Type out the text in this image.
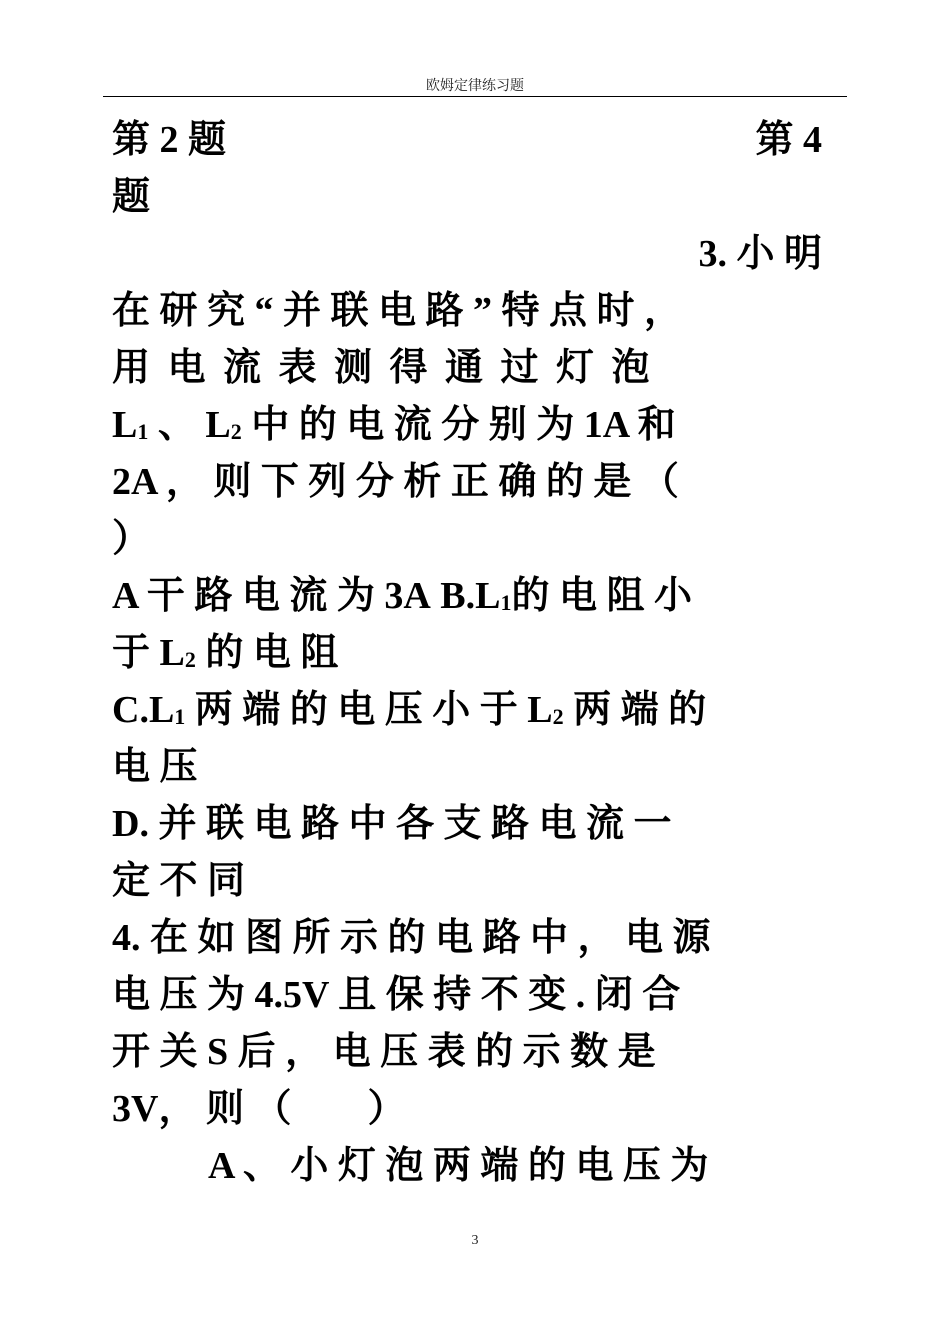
欧姆定律练习题
第 2 题	第 4
题
3. 小 明
在 研 究 “ 并 联 电 路 ” 特 点 时 ，
用 电 流 表 测 得 通 过 灯 泡
$L_1$ 、 $L_2$ 中 的 电 流 分 别 为 1A 和
2A ， 则 下 列 分 析 正 确 的 是 （
）
A 干 路 电 流 为 3A $B.L_1$的 电 阻 小
于 $L_2$ 的 电 阻
$C.L_1$ 两 端 的 电 压 小 于 $L_2$ 两 端 的
电 压
D. 并 联 电 路 中 各 支 路 电 流 一
定 不 同
4. 在 如 图 所 示 的 电 路 中 ， 电 源
电 压 为 4.5V 且 保 持 不 变 . 闭 合
开 关 S 后 ， 电 压 表 的 示 数 是
3V， 则 （　　）
A 、 小 灯 泡 两 端 的 电 压 为
3
